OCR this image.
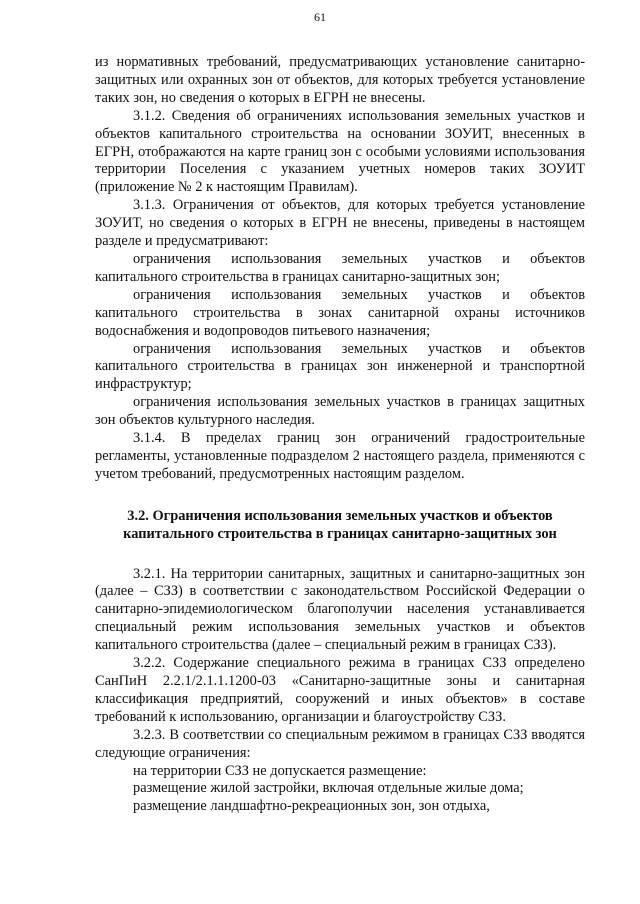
61

из нормативных требований, предусматривающих установление санитарно-защитных или охранных зон от объектов, для которых требуется установление таких зон, но сведения о которых в ЕГРН не внесены.

3.1.2. Сведения об ограничениях использования земельных участков и объектов капитального строительства на основании ЗОУИТ, внесенных в ЕГРН, отображаются на карте границ зон с особыми условиями использования территории Поселения с указанием учетных номеров таких ЗОУИТ (приложение № 2 к настоящим Правилам).

3.1.3. Ограничения от объектов, для которых требуется установление ЗОУИТ, но сведения о которых в ЕГРН не внесены, приведены в настоящем разделе и предусматривают:

ограничения использования земельных участков и объектов капитального строительства в границах санитарно-защитных зон;

ограничения использования земельных участков и объектов капитального строительства в зонах санитарной охраны источников водоснабжения и водопроводов питьевого назначения;

ограничения использования земельных участков и объектов капитального строительства в границах зон инженерной и транспортной инфраструктур;

ограничения использования земельных участков в границах защитных зон объектов культурного наследия.

3.1.4. В пределах границ зон ограничений градостроительные регламенты, установленные подразделом 2 настоящего раздела, применяются с учетом требований, предусмотренных настоящим разделом.

3.2. Ограничения использования земельных участков и объектов капитального строительства в границах санитарно-защитных зон

3.2.1. На территории санитарных, защитных и санитарно-защитных зон (далее – СЗЗ) в соответствии с законодательством Российской Федерации о санитарно-эпидемиологическом благополучии населения устанавливается специальный режим использования земельных участков и объектов капитального строительства (далее – специальный режим в границах СЗЗ).

3.2.2. Содержание специального режима в границах СЗЗ определено СанПиН 2.2.1/2.1.1.1200-03 «Санитарно-защитные зоны и санитарная классификация предприятий, сооружений и иных объектов» в составе требований к использованию, организации и благоустройству СЗЗ.

3.2.3. В соответствии со специальным режимом в границах СЗЗ вводятся следующие ограничения:

на территории СЗЗ не допускается размещение:

размещение жилой застройки, включая отдельные жилые дома;

размещение ландшафтно-рекреационных зон, зон отдыха,
